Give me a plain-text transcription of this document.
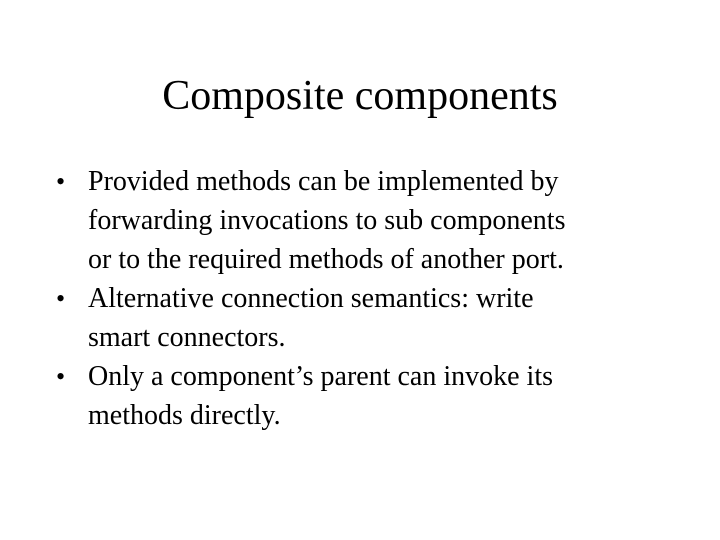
Composite components
• Provided methods can be implemented by
forwarding invocations to sub components
or to the required methods of another port.
• Alternative connection semantics: write
smart connectors.
• Only a component’s parent can invoke its
methods directly.
